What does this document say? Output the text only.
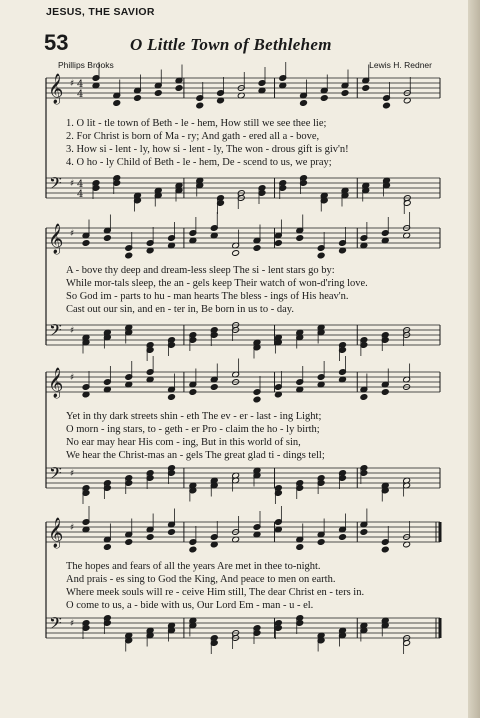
JESUS, THE SAVIOR
53	O Little Town of Bethlehem
Phillips Brooks	Lewis H. Redner
𝄞 ♯ 4
4
𝄢 ♯ 4
4
𝄞 ♯
𝄢 ♯
𝄞 ♯
𝄢 ♯
𝄞 ♯
𝄢 ♯
1. O lit - tle town of Beth - le - hem, How still we see thee lie;
2. For Christ is born of Ma - ry; And gath - ered all a - bove,
3. How si - lent - ly, how si - lent - ly, The won - drous gift is giv'n!
4. O ho - ly Child of Beth - le - hem, De - scend to us, we pray;
A - bove thy deep and dream-less sleep The si - lent stars go by:
While mor-tals sleep, the an - gels keep Their watch of won-d'ring love.
So God im - parts to hu - man hearts The bless - ings of His heav'n.
Cast out our sin, and en - ter in, Be born in us to - day.
Yet in thy dark streets shin - eth The ev - er - last - ing Light;
O morn - ing stars, to - geth - er Pro - claim the ho - ly birth;
No ear may hear His com - ing, But in this world of sin,
We hear the Christ-mas an - gels The great glad ti - dings tell;
The hopes and fears of all the years Are met in thee to-night.
And prais - es sing to God the King, And peace to men on earth.
Where meek souls will re - ceive Him still, The dear Christ en - ters in.
O come to us, a - bide with us, Our Lord Em - man - u - el.
